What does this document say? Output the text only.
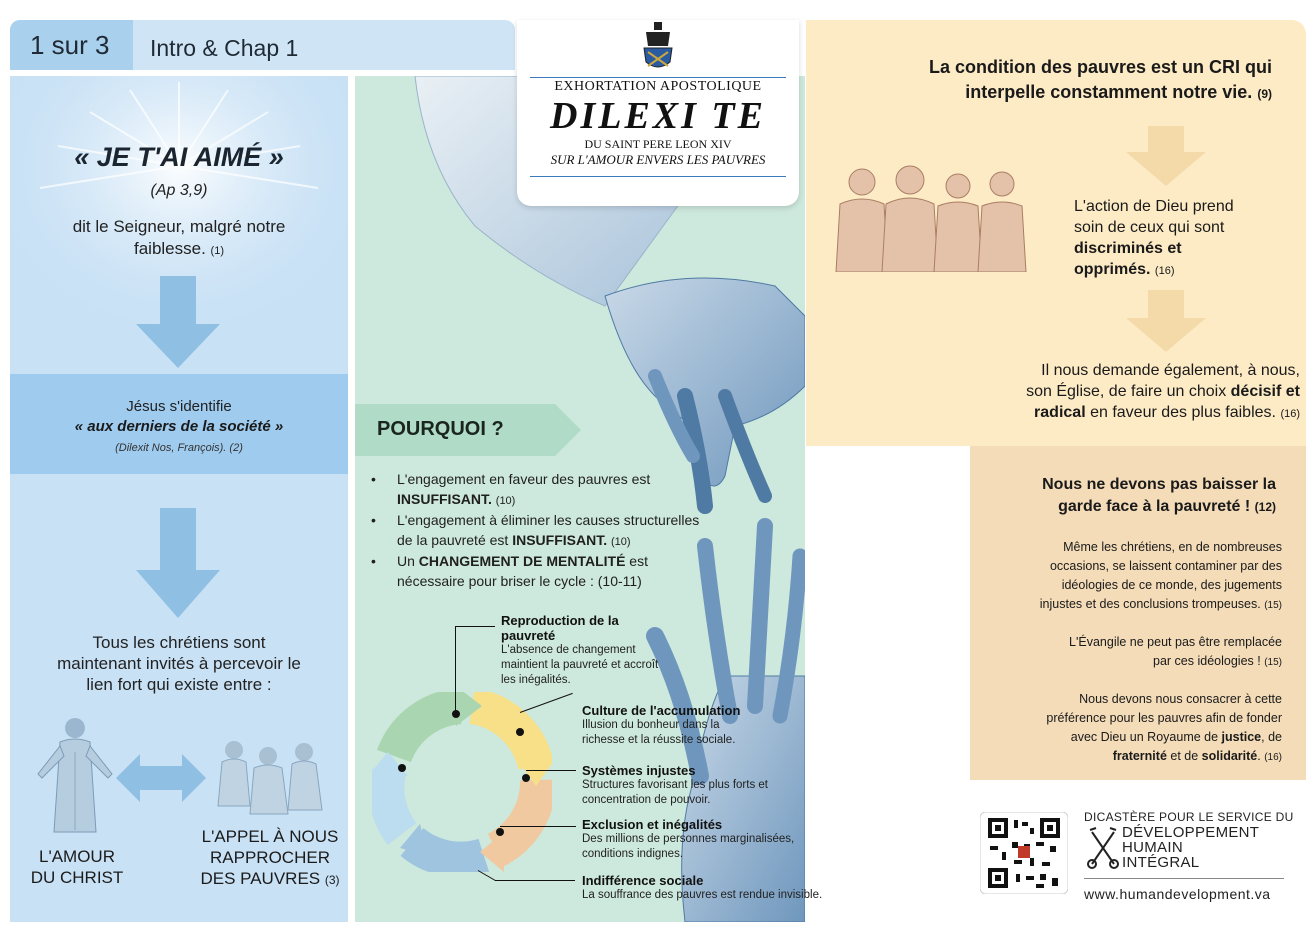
1 sur 3	Intro & Chap 1
« JE T'AI AIMÉ »
(Ap 3,9)
dit le Seigneur, malgré notre
faiblesse. (1)
Jésus s'identifie
« aux derniers de la société »
(Dilexit Nos, François). (2)
Tous les chrétiens sont
maintenant invités à percevoir le
lien fort qui existe entre :
L'AMOUR
DU CHRIST
L'APPEL À NOUS
RAPPROCHER
DES PAUVRES (3)
EXHORTATION APOSTOLIQUE
DILEXI TE
DU SAINT PERE LEON XIV
SUR L'AMOUR ENVERS LES PAUVRES
POURQUOI ?
• L'engagement en faveur des pauvres est
INSUFFISANT. (10)
• L'engagement à éliminer les causes structurelles
de la pauvreté est INSUFFISANT. (10)
• Un CHANGEMENT DE MENTALITÉ est
nécessaire pour briser le cycle : (10-11)
Reproduction de la
pauvreté
L'absence de changement
maintient la pauvreté et accroît
les inégalités.
Culture de l'accumulation
Illusion du bonheur dans la
richesse et la réussite sociale.
Systèmes injustes
Structures favorisant les plus forts et
concentration de pouvoir.
Exclusion et inégalités
Des millions de personnes marginalisées,
conditions indignes.
Indifférence sociale
La souffrance des pauvres est rendue invisible.
La condition des pauvres est un CRI qui
interpelle constamment notre vie. (9)
L'action de Dieu prend
soin de ceux qui sont
discriminés et
opprimés. (16)
Il nous demande également, à nous,
son Église, de faire un choix décisif et
radical en faveur des plus faibles. (16)
Nous ne devons pas baisser la
garde face à la pauvreté ! (12)
Même les chrétiens, en de nombreuses
occasions, se laissent contaminer par des
idéologies de ce monde, des jugements
injustes et des conclusions trompeuses. (15)
L'Évangile ne peut pas être remplacée
par ces idéologies ! (15)
Nous devons nous consacrer à cette
préférence pour les pauvres afin de fonder
avec Dieu un Royaume de justice, de
fraternité et de solidarité. (16)
DICASTÈRE POUR LE SERVICE DU
DÉVELOPPEMENT
HUMAIN
INTÉGRAL
www.humandevelopment.va
